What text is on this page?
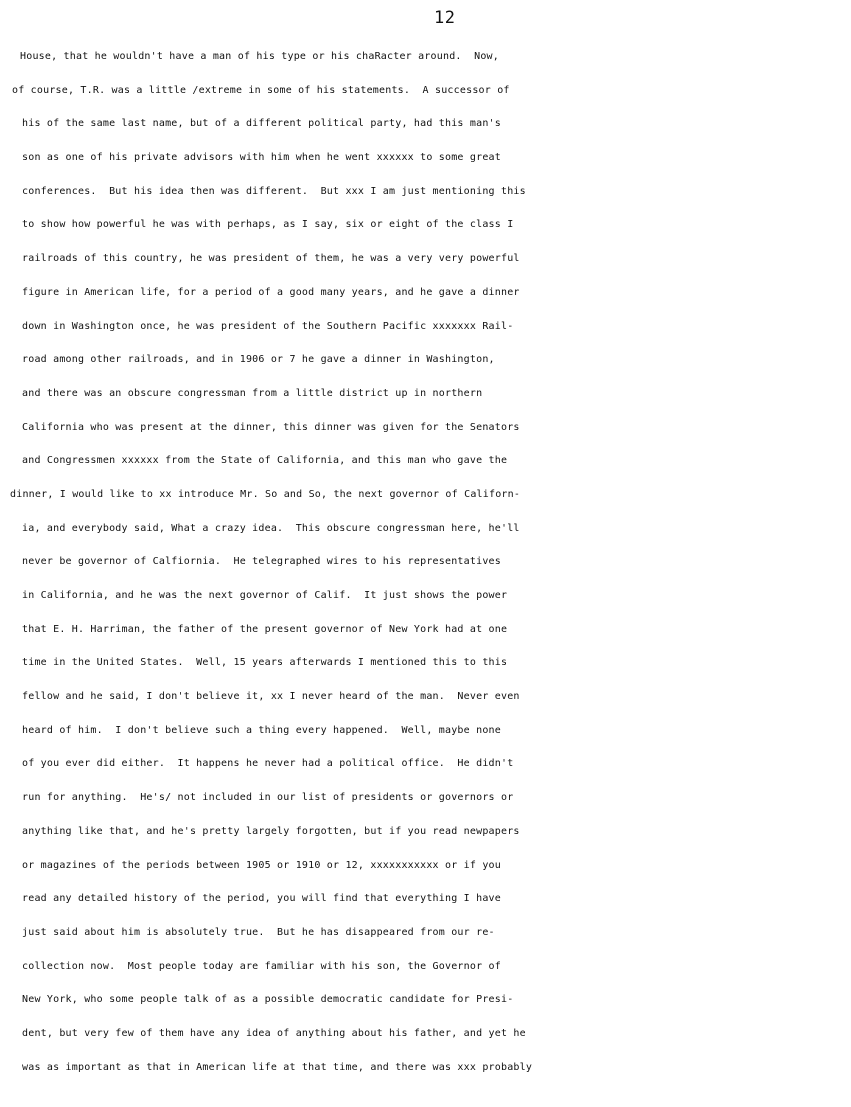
12
House, that he wouldn't have a man of his type or his chaRacter around.  Now,
of course, T.R. was a little /extreme in some of his statements.  A successor of
his of the same last name, but of a different political party, had this man's
son as one of his private advisors with him when he went xxxxxx to some great
conferences.  But his idea then was different.  But xxx I am just mentioning this
to show how powerful he was with perhaps, as I say, six or eight of the class I
railroads of this country, he was president of them, he was a very very powerful
figure in American life, for a period of a good many years, and he gave a dinner
down in Washington once, he was president of the Southern Pacific xxxxxxx Rail-
road among other railroads, and in 1906 or 7 he gave a dinner in Washington,
and there was an obscure congressman from a little district up in northern
California who was present at the dinner, this dinner was given for the Senators
and Congressmen xxxxxx from the State of California, and this man who gave the
dinner, I would like to xx introduce Mr. So and So, the next governor of Californ-
ia, and everybody said, What a crazy idea.  This obscure congressman here, he'll
never be governor of Calfiornia.  He telegraphed wires to his representatives
in California, and he was the next governor of Calif.  It just shows the power
that E. H. Harriman, the father of the present governor of New York had at one
time in the United States.  Well, 15 years afterwards I mentioned this to this
fellow and he said, I don't believe it, xx I never heard of the man.  Never even
heard of him.  I don't believe such a thing every happened.  Well, maybe none
of you ever did either.  It happens he never had a political office.  He didn't
run for anything.  He's/ not included in our list of presidents or governors or
anything like that, and he's pretty largely forgotten, but if you read newpapers
or magazines of the periods between 1905 or 1910 or 12, xxxxxxxxxxx or if you
read any detailed history of the period, you will find that everything I have
just said about him is absolutely true.  But he has disappeared from our re-
collection now.  Most people today are familiar with his son, the Governor of
New York, who some people talk of as a possible democratic candidate for Presi-
dent, but very few of them have any idea of anything about his father, and yet he
was as important as that in American life at that time, and there was xxx probably
